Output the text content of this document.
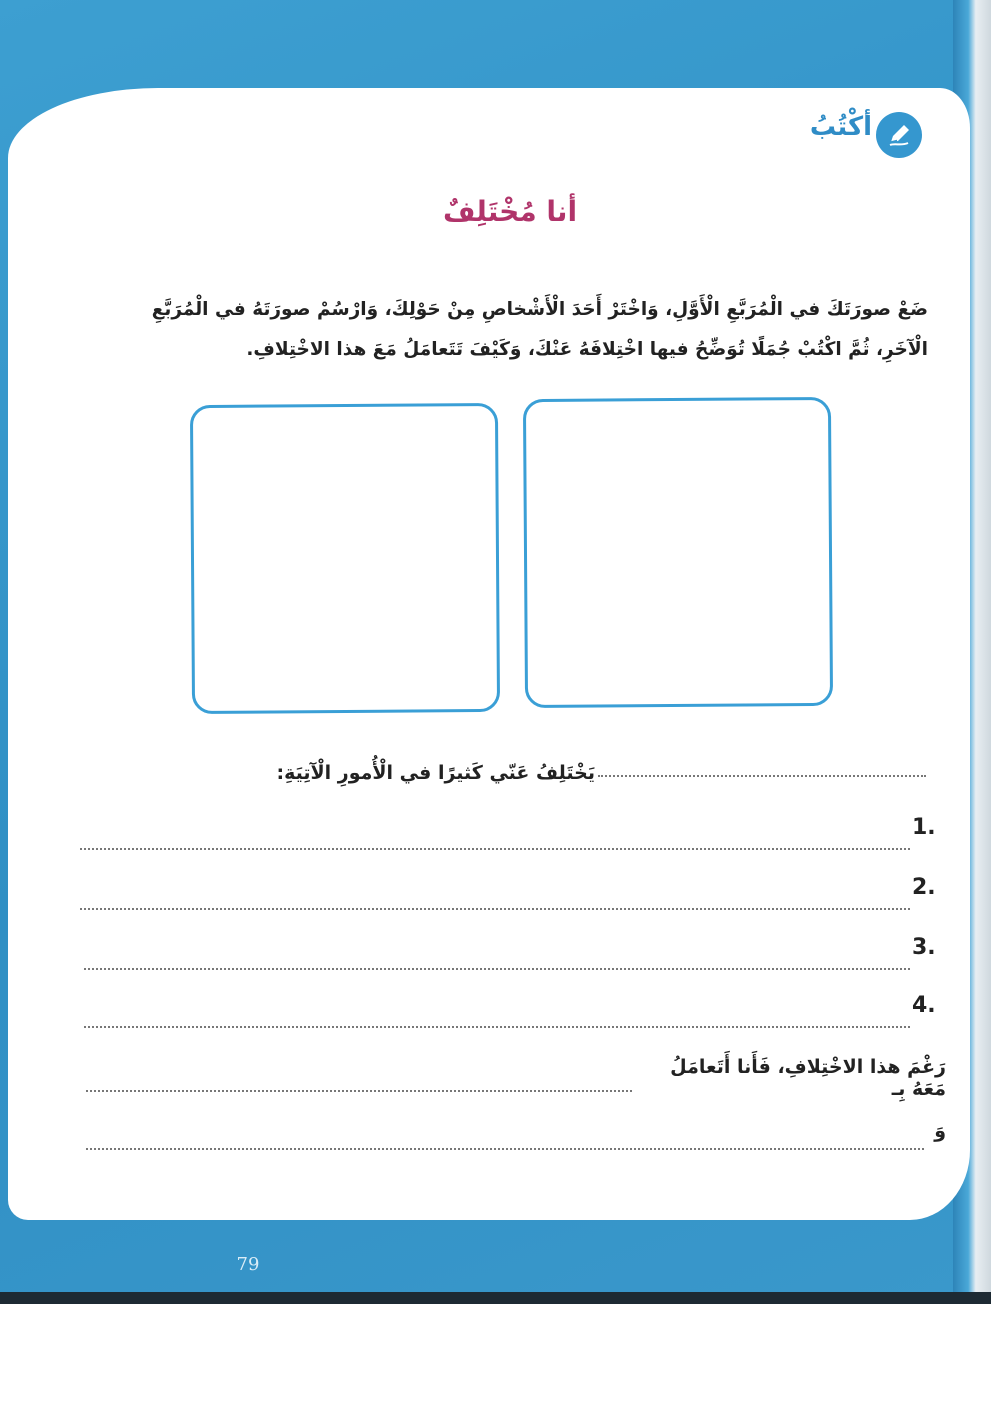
أكْتُبُ
أنا مُخْتَلِفٌ
ضَعْ صورَتَكَ في الْمُرَبَّعِ الْأَوَّلِ، وَاخْتَرْ أَحَدَ الْأَشْخاصِ مِنْ حَوْلِكَ، وَارْسُمْ صورَتَهُ في الْمُرَبَّعِ الْآخَرِ، ثُمَّ اكْتُبْ جُمَلًا تُوَضِّحُ فيها اخْتِلافَهُ عَنْكَ، وَكَيْفَ تَتَعامَلُ مَعَ هذا الاخْتِلافِ.
يَخْتَلِفُ عَنّي كَثيرًا في الْأُمورِ الْآتِيَةِ:
1.
2.
3.
4.
رَغْمَ هذا الاخْتِلافِ، فَأَنا أَتَعامَلُ مَعَهُ بِـ
وَ
79
